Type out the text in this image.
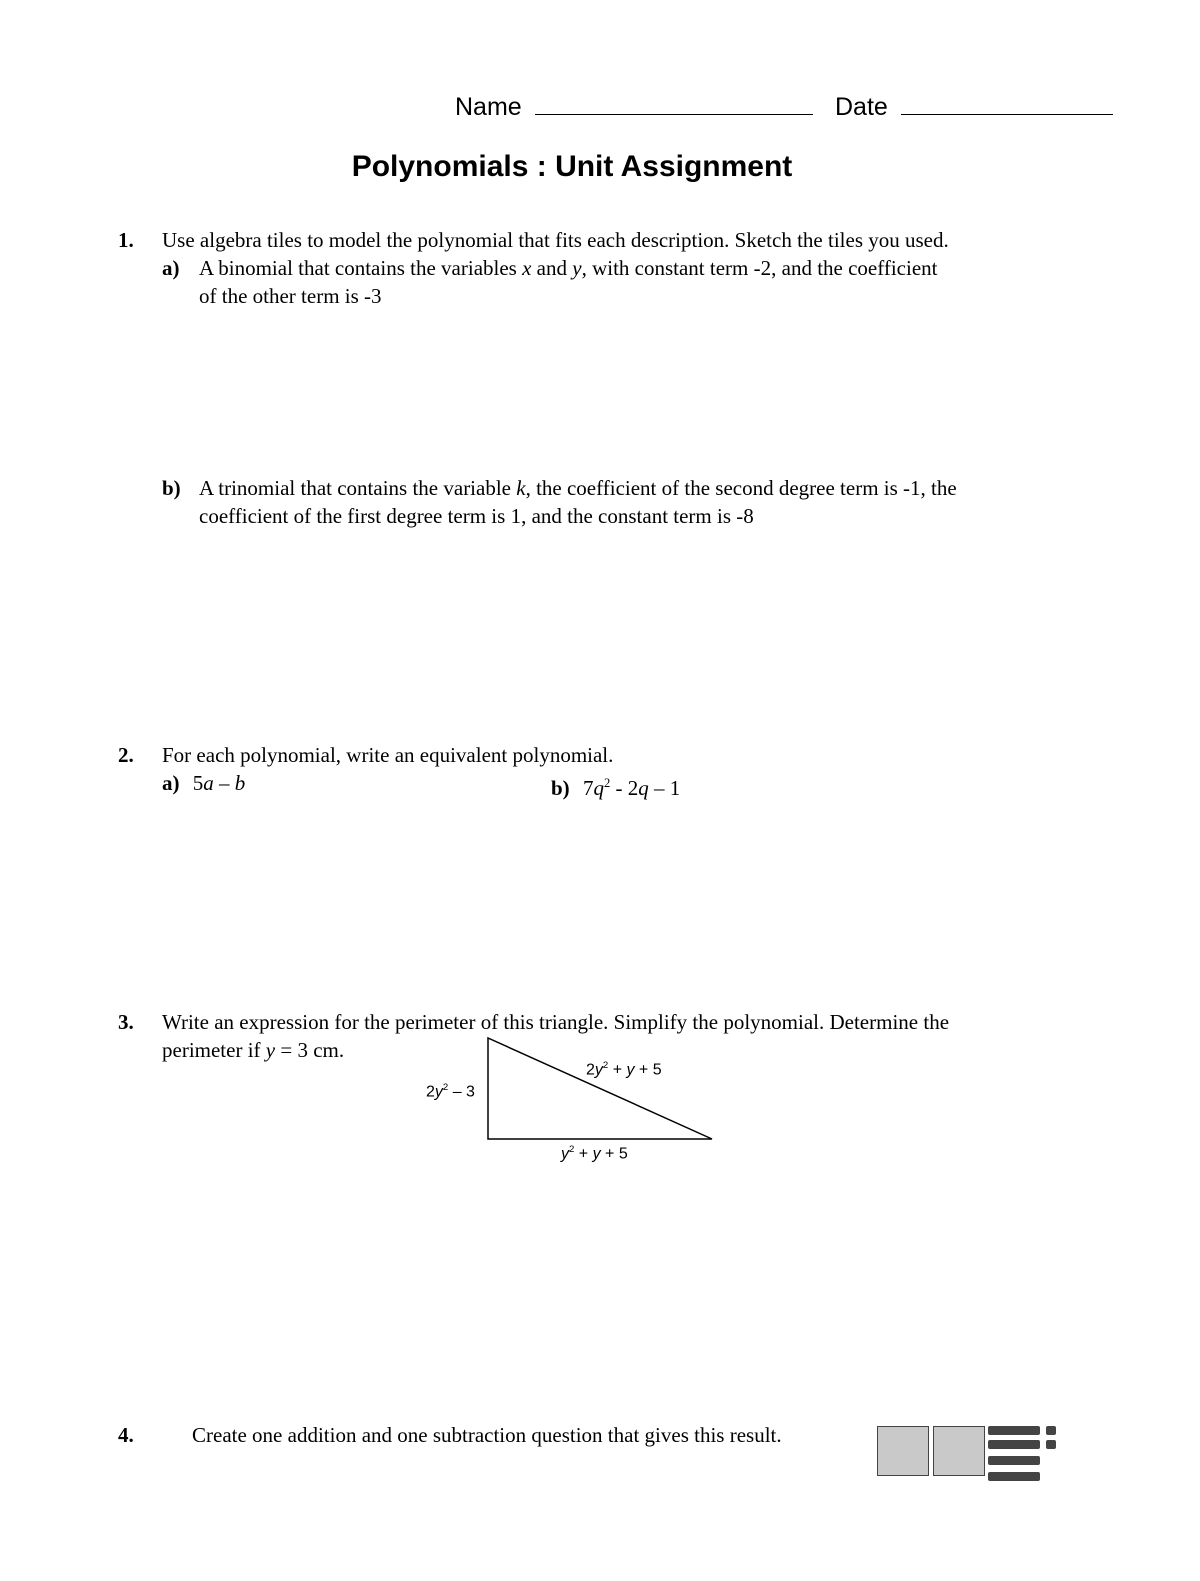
Name	Date
Polynomials : Unit Assignment
1. Use algebra tiles to model the polynomial that fits each description. Sketch the tiles you used.
a) A binomial that contains the variables x and y, with constant term -2, and the coefficient
of the other term is -3
b) A trinomial that contains the variable k, the coefficient of the second degree term is -1, the
coefficient of the first degree term is 1, and the constant term is -8
2. For each polynomial, write an equivalent polynomial.
a) 5a – b	b) $7q^2 - 2q - 1$
3. Write an expression for the perimeter of this triangle. Simplify the polynomial. Determine the
perimeter if y = 3 cm.
$2y^2 - 3$
$2y^2 + y + 5$
$y^2 + y + 5$
4.	Create one addition and one subtraction question that gives this result.
